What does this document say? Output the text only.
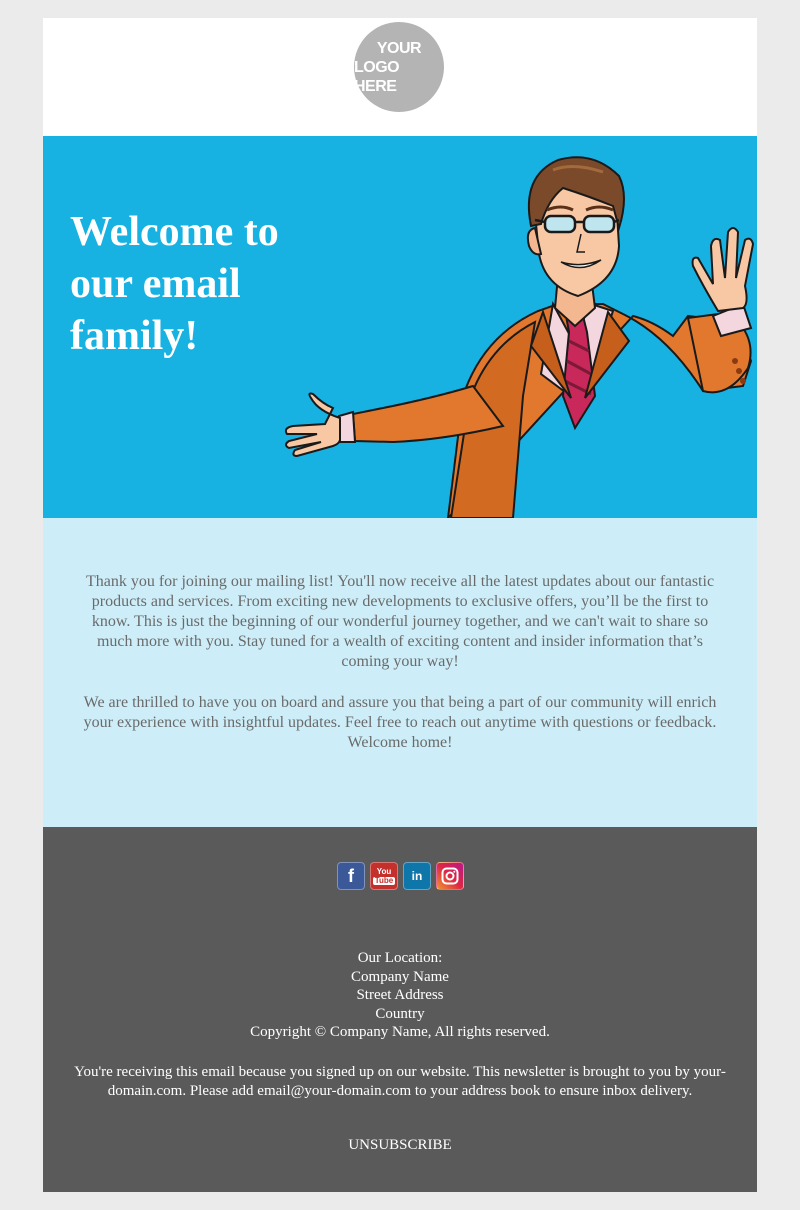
YOUR
LOGO HERE
Welcome to
our email
family!

Thank you for joining our mailing list! You'll now receive all the latest updates about our fantastic products and services. From exciting new developments to exclusive offers, you’ll be the first to know. This is just the beginning of our wonderful journey together, and we can't wait to share so much more with you. Stay tuned for a wealth of exciting content and insider information that’s coming your way!

We are thrilled to have you on board and assure you that being a part of our community will enrich your experience with insightful updates. Feel free to reach out anytime with questions or feedback. Welcome home!

f	You
Tube in
Our Location:
Company Name
Street Address
Country
Copyright © Company Name, All rights reserved.

You're receiving this email because you signed up on our website. This newsletter is brought to you by your-domain.com. Please add email@your-domain.com to your address book to ensure inbox delivery.

UNSUBSCRIBE
